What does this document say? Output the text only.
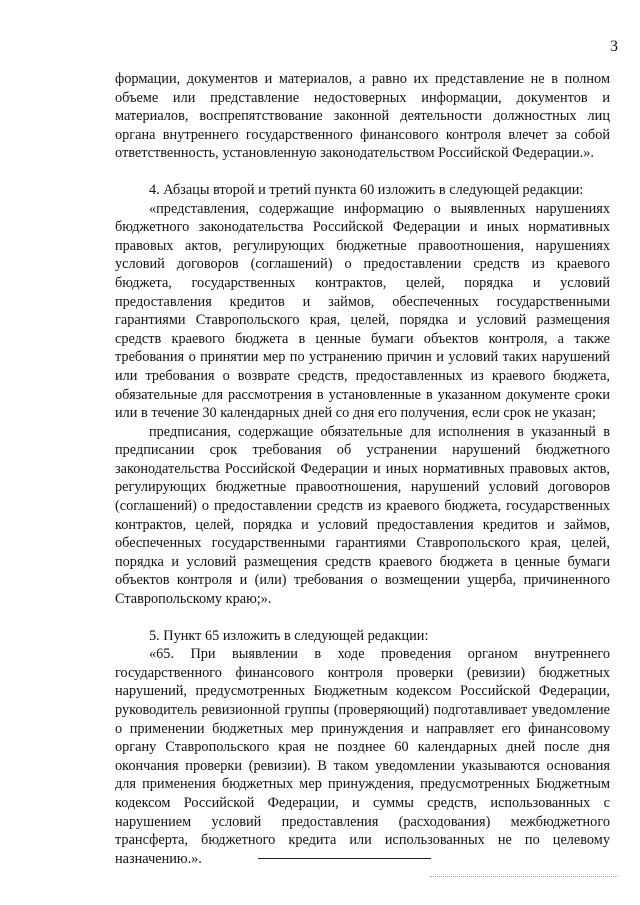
3

формации, документов и материалов, а равно их представление не в полном объеме или представление недостоверных информации, документов и материалов, воспрепятствование законной деятельности должностных лиц органа внутреннего государственного финансового контроля влечет за собой ответственность, установленную законодательством Российской Федерации.».

4. Абзацы второй и третий пункта 60 изложить в следующей редакции:

«представления, содержащие информацию о выявленных нарушениях бюджетного законодательства Российской Федерации и иных нормативных правовых актов, регулирующих бюджетные правоотношения, нарушениях условий договоров (соглашений) о предоставлении средств из краевого бюджета, государственных контрактов, целей, порядка и условий предоставления кредитов и займов, обеспеченных государственными гарантиями Ставропольского края, целей, порядка и условий размещения средств краевого бюджета в ценные бумаги объектов контроля, а также требования о принятии мер по устранению причин и условий таких нарушений или требования о возврате средств, предоставленных из краевого бюджета, обязательные для рассмотрения в установленные в указанном документе сроки или в течение 30 календарных дней со дня его получения, если срок не указан;

предписания, содержащие обязательные для исполнения в указанный в предписании срок требования об устранении нарушений бюджетного законодательства Российской Федерации и иных нормативных правовых актов, регулирующих бюджетные правоотношения, нарушений условий договоров (соглашений) о предоставлении средств из краевого бюджета, государственных контрактов, целей, порядка и условий предоставления кредитов и займов, обеспеченных государственными гарантиями Ставропольского края, целей, порядка и условий размещения средств краевого бюджета в ценные бумаги объектов контроля и (или) требования о возмещении ущерба, причиненного Ставропольскому краю;».

5. Пункт 65 изложить в следующей редакции:

«65. При выявлении в ходе проведения органом внутреннего государственного финансового контроля проверки (ревизии) бюджетных нарушений, предусмотренных Бюджетным кодексом Российской Федерации, руководитель ревизионной группы (проверяющий) подготавливает уведомление о применении бюджетных мер принуждения и направляет его финансовому органу Ставропольского края не позднее 60 календарных дней после дня окончания проверки (ревизии). В таком уведомлении указываются основания для применения бюджетных мер принуждения, предусмотренных Бюджетным кодексом Российской Федерации, и суммы средств, использованных с нарушением условий предоставления (расходования) межбюджетного трансферта, бюджетного кредита или использованных не по целевому назначению.».
